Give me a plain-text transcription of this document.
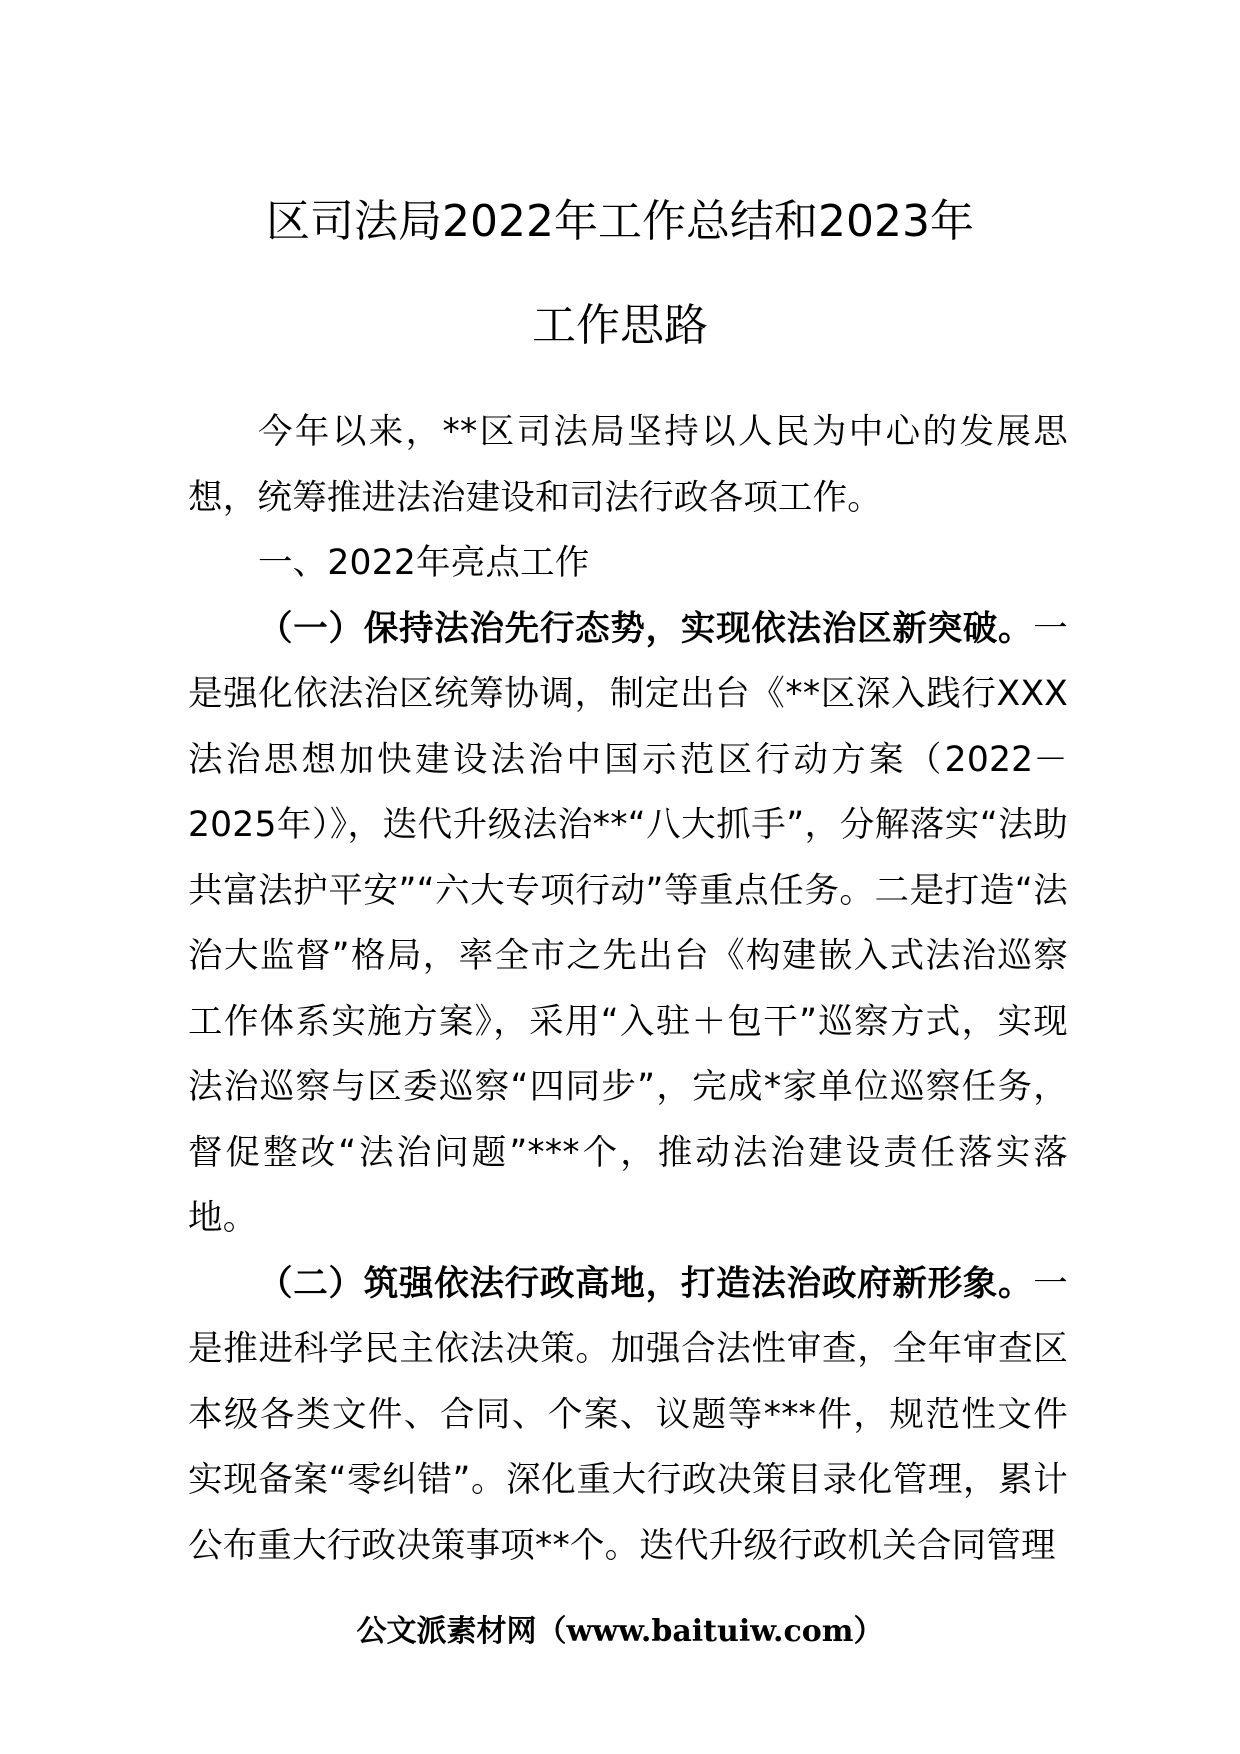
区司法局2022年工作总结和2023年
工作思路

今年以来，**区司法局坚持以人民为中心的发展思想，统筹推进法治建设和司法行政各项工作。

一、2022年亮点工作

（一）保持法治先行态势，实现依法治区新突破。一是强化依法治区统筹协调，制定出台《**区深入践行XXX法治思想加快建设法治中国示范区行动方案（2022－2025年）》，迭代升级法治**“八大抓手”，分解落实“法助共富法护平安”“六大专项行动”等重点任务。二是打造“法治大监督”格局，率全市之先出台《构建嵌入式法治巡察工作体系实施方案》，采用“入驻＋包干”巡察方式，实现法治巡察与区委巡察“四同步”，完成*家单位巡察任务，督促整改“法治问题”***个，推动法治建设责任落实落地。

（二）筑强依法行政高地，打造法治政府新形象。一是推进科学民主依法决策。加强合法性审查，全年审查区本级各类文件、合同、个案、议题等***件，规范性文件实现备案“零纠错”。深化重大行政决策目录化管理，累计公布重大行政决策事项**个。迭代升级行政机关合同管理

公文派素材网（www.baituiw.com）
